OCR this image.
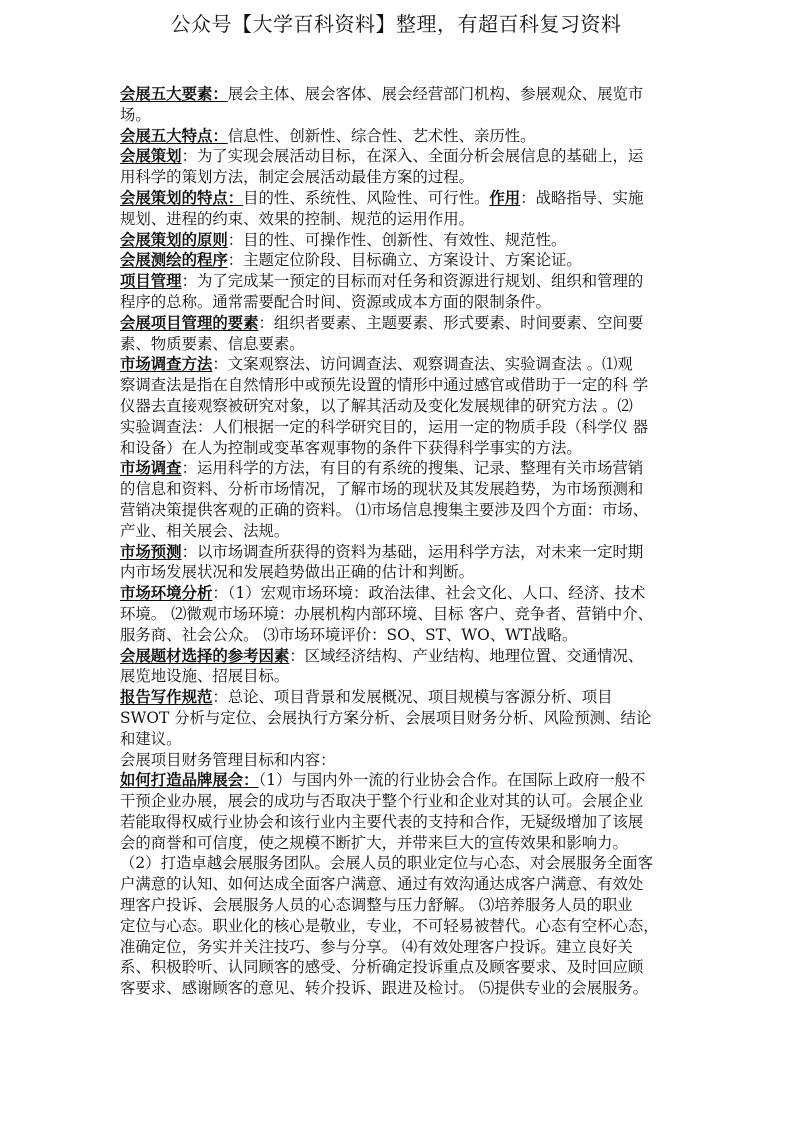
公众号【大学百科资料】整理，有超百科复习资料
会展五大要素：展会主体、展会客体、展会经营部门机构、参展观众、展览市
场。
会展五大特点：信息性、创新性、综合性、艺术性、亲历性。
会展策划：为了实现会展活动目标，在深入、全面分析会展信息的基础上，运
用科学的策划方法，制定会展活动最佳方案的过程。
会展策划的特点：目的性、系统性、风险性、可行性。作用：战略指导、实施
规划、进程的约束、效果的控制、规范的运用作用。
会展策划的原则：目的性、可操作性、创新性、有效性、规范性。
会展测绘的程序：主题定位阶段、目标确立、方案设计、方案论证。
项目管理：为了完成某一预定的目标而对任务和资源进行规划、组织和管理的
程序的总称。通常需要配合时间、资源或成本方面的限制条件。
会展项目管理的要素：组织者要素、主题要素、形式要素、时间要素、空间要
素、物质要素、信息要素。
市场调查方法：文案观察法、访问调查法、观察调查法、实验调查法 。⑴观
察调查法是指在自然情形中或预先设置的情形中通过感官或借助于一定的科 学
仪器去直接观察被研究对象，以了解其活动及变化发展规律的研究方法 。⑵
实验调查法：人们根据一定的科学研究目的，运用一定的物质手段（科学仪 器
和设备）在人为控制或变革客观事物的条件下获得科学事实的方法。
市场调查：运用科学的方法，有目的有系统的搜集、记录、整理有关市场营销
的信息和资料、分析市场情况，了解市场的现状及其发展趋势，为市场预测和
营销决策提供客观的正确的资料。 ⑴市场信息搜集主要涉及四个方面：市场、
产业、相关展会、法规。
市场预测：以市场调查所获得的资料为基础，运用科学方法，对未来一定时期
内市场发展状况和发展趋势做出正确的估计和判断。
市场环境分析：（1）宏观市场环境：政治法律、社会文化、人口、经济、技术
环境。 ⑵微观市场环境：办展机构内部环境、目标 客户、竞争者、营销中介、
服务商、社会公众。 ⑶市场环境评价：SO、ST、WO、WT战略。
会展题材选择的参考因素：区域经济结构、产业结构、地理位置、交通情况、
展览地设施、招展目标。
报告写作规范：总论、项目背景和发展概况、项目规模与客源分析、项目
SWOT 分析与定位、会展执行方案分析、会展项目财务分析、风险预测、结论
和建议。
会展项目财务管理目标和内容：
如何打造品牌展会：（1）与国内外一流的行业协会合作。在国际上政府一般不
干预企业办展，展会的成功与否取决于整个行业和企业对其的认可。会展企业
若能取得权威行业协会和该行业内主要代表的支持和合作，无疑级增加了该展
会的商誉和可信度，使之规模不断扩大，并带来巨大的宣传效果和影响力。
（2）打造卓越会展服务团队。会展人员的职业定位与心态、对会展服务全面客
户满意的认知、如何达成全面客户满意、通过有效沟通达成客户满意、有效处
理客户投诉、会展服务人员的心态调整与压力舒解。 ⑶培养服务人员的职业
定位与心态。职业化的核心是敬业，专业，不可轻易被替代。心态有空杯心态，
准确定位，务实并关注技巧、参与分享。 ⑷有效处理客户投诉。建立良好关
系、积极聆听、认同顾客的感受、分析确定投诉重点及顾客要求、及时回应顾
客要求、感谢顾客的意见、转介投诉、跟进及检讨。 ⑸提供专业的会展服务。
